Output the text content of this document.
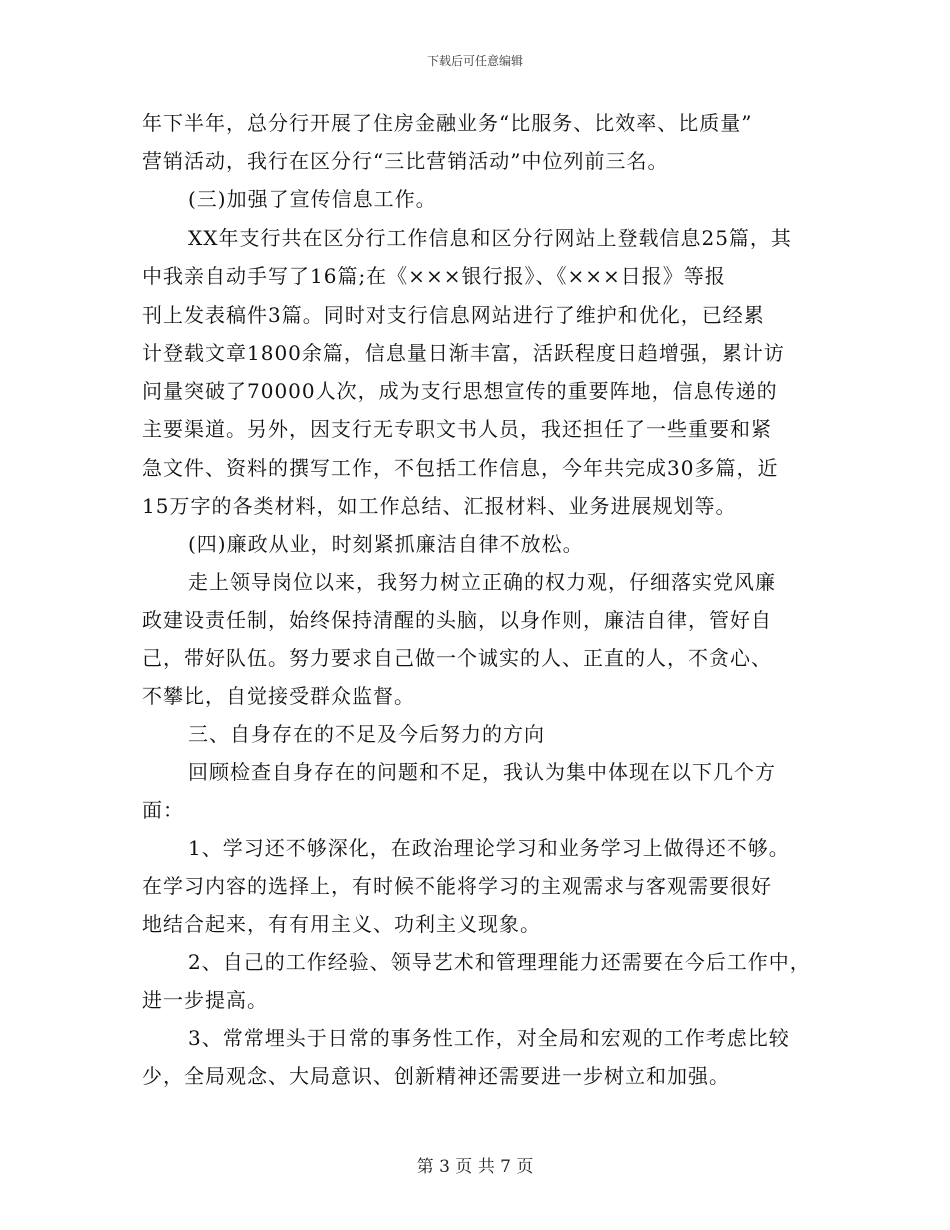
下载后可任意编辑
年下半年，总分行开展了住房金融业务“比服务、比效率、比质量”
营销活动，我行在区分行“三比营销活动”中位列前三名。
(三)加强了宣传信息工作。
XX年支行共在区分行工作信息和区分行网站上登载信息25篇，其
中我亲自动手写了16篇;在《×××银行报》、《×××日报》等报
刊上发表稿件3篇。同时对支行信息网站进行了维护和优化，已经累
计登载文章1800余篇，信息量日渐丰富，活跃程度日趋增强，累计访
问量突破了70000人次，成为支行思想宣传的重要阵地，信息传递的
主要渠道。另外，因支行无专职文书人员，我还担任了一些重要和紧
急文件、资料的撰写工作，不包括工作信息，今年共完成30多篇，近
15万字的各类材料，如工作总结、汇报材料、业务进展规划等。
(四)廉政从业，时刻紧抓廉洁自律不放松。
走上领导岗位以来，我努力树立正确的权力观，仔细落实党风廉
政建设责任制，始终保持清醒的头脑，以身作则，廉洁自律，管好自
己，带好队伍。努力要求自己做一个诚实的人、正直的人，不贪心、
不攀比，自觉接受群众监督。
三、自身存在的不足及今后努力的方向
回顾检查自身存在的问题和不足，我认为集中体现在以下几个方
面：
1、学习还不够深化，在政治理论学习和业务学习上做得还不够。
在学习内容的选择上，有时候不能将学习的主观需求与客观需要很好
地结合起来，有有用主义、功利主义现象。
2、自己的工作经验、领导艺术和管理理能力还需要在今后工作中，
进一步提高。
3、常常埋头于日常的事务性工作，对全局和宏观的工作考虑比较
少，全局观念、大局意识、创新精神还需要进一步树立和加强。
第 3 页 共 7 页
